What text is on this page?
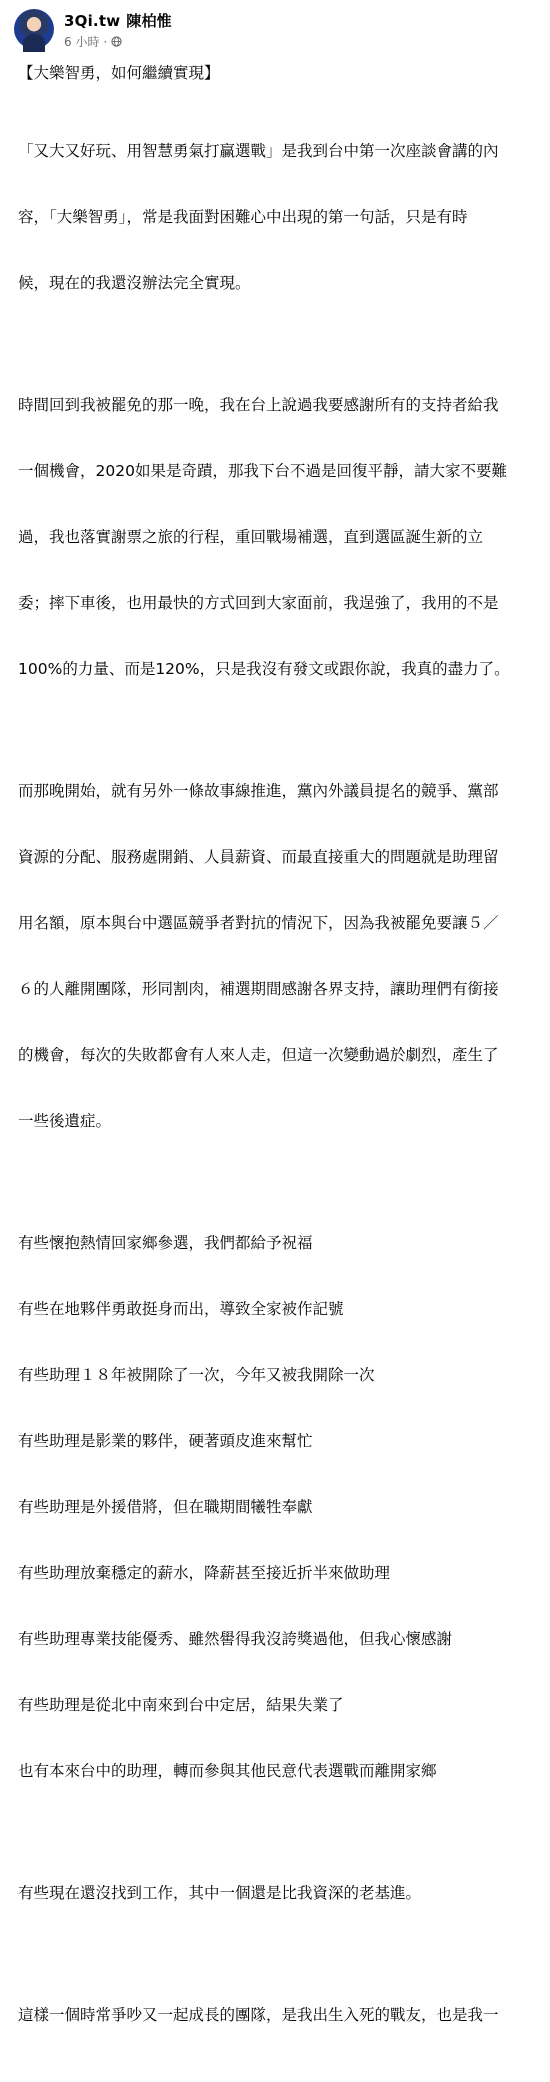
3Qi.tw 陳柏惟
6 小時 ·
【大樂智勇，如何繼續實現】

「又大又好玩、用智慧勇氣打贏選戰」是我到台中第一次座談會講的內

容，「大樂智勇」，常是我面對困難心中出現的第一句話，只是有時

候，現在的我還沒辦法完全實現。

時間回到我被罷免的那一晚，我在台上說過我要感謝所有的支持者給我

一個機會，2020如果是奇蹟，那我下台不過是回復平靜，請大家不要難

過，我也落實謝票之旅的行程，重回戰場補選，直到選區誕生新的立

委；摔下車後，也用最快的方式回到大家面前，我逞強了，我用的不是

100%的力量、而是120%，只是我沒有發文或跟你說，我真的盡力了。

而那晚開始，就有另外一條故事線推進，黨內外議員提名的競爭、黨部

資源的分配、服務處開銷、人員薪資、而最直接重大的問題就是助理留

用名額，原本與台中選區競爭者對抗的情況下，因為我被罷免要讓５／

６的人離開團隊，形同割肉，補選期間感謝各界支持，讓助理們有銜接

的機會，每次的失敗都會有人來人走，但這一次變動過於劇烈，產生了

一些後遺症。

有些懷抱熱情回家鄉參選，我們都給予祝福

有些在地夥伴勇敢挺身而出，導致全家被作記號

有些助理１８年被開除了一次，今年又被我開除一次

有些助理是影業的夥伴，硬著頭皮進來幫忙

有些助理是外援借將，但在職期間犧牲奉獻

有些助理放棄穩定的薪水，降薪甚至接近折半來做助理

有些助理專業技能優秀、雖然嚳得我沒誇獎過他，但我心懷感謝

有些助理是從北中南來到台中定居，結果失業了

也有本來台中的助理，轉而參與其他民意代表選戰而離開家鄉

有些現在還沒找到工作，其中一個還是比我資深的老基進。

這樣一個時常爭吵又一起成長的團隊，是我出生入死的戰友，也是我一
